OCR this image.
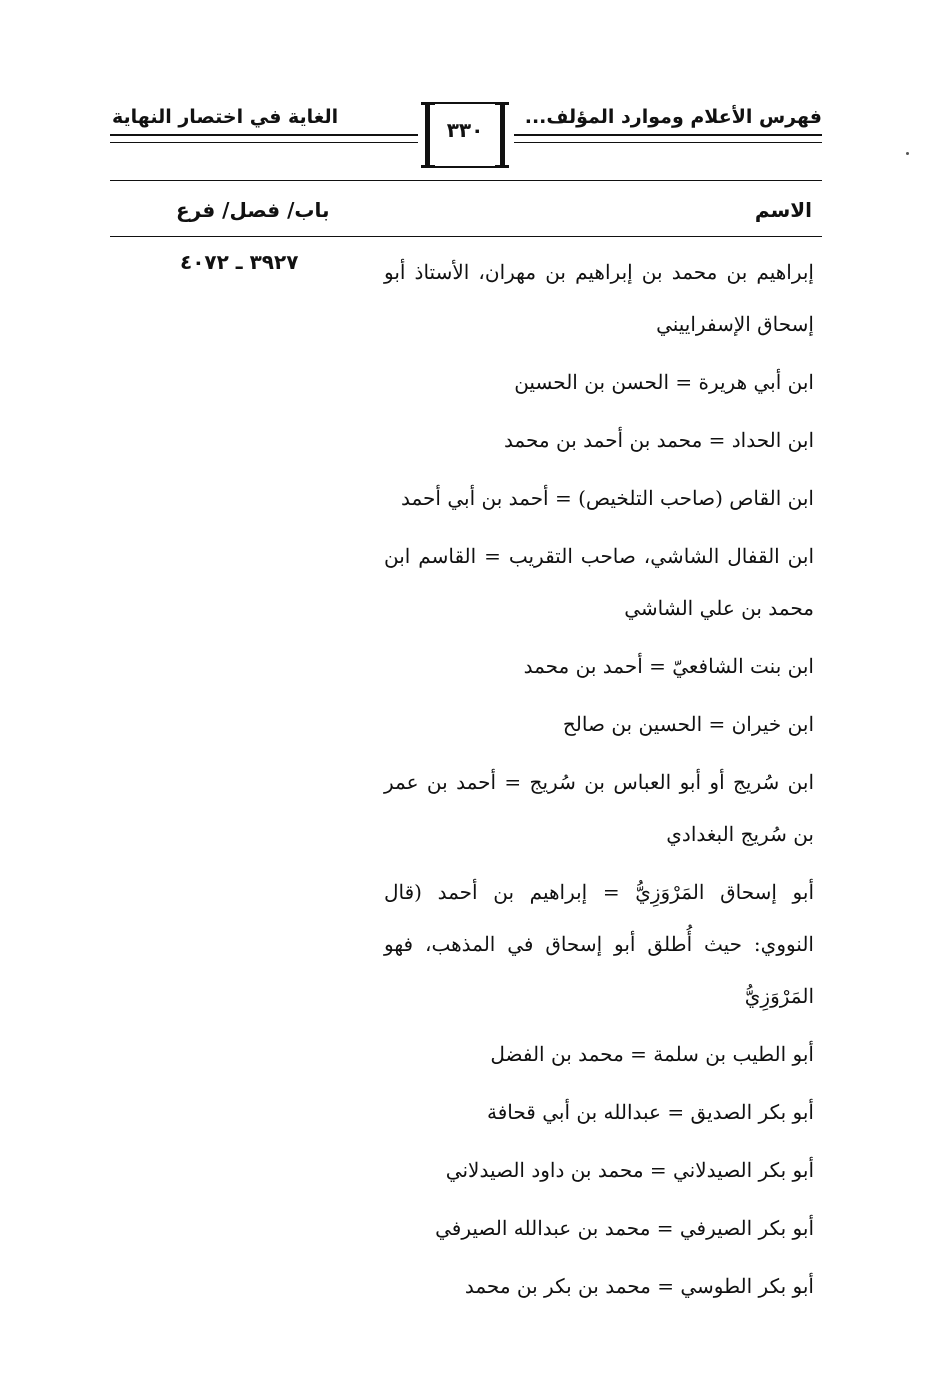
فهرس الأعلام وموارد المؤلف...
الغاية في اختصار النهاية
٣٣٠
الاسم
باب/ فصل/ فرع
٣٩٢٧ ـ ٤٠٧٢	إبراهيم بن محمد بن إبراهيم بن مهران، الأستاذ أبو إسحاق الإسفراييني

ابن أبي هريرة = الحسن بن الحسين

ابن الحداد = محمد بن أحمد بن محمد

ابن القاص (صاحب التلخيص) = أحمد بن أبي أحمد

ابن القفال الشاشي، صاحب التقريب = القاسم ابن محمد بن علي الشاشي

ابن بنت الشافعيّ = أحمد بن محمد

ابن خيران = الحسين بن صالح

ابن سُريج أو أبو العباس بن سُريج = أحمد بن عمر بن سُريج البغدادي

أبو إسحاق المَرْوَزِيُّ = إبراهيم بن أحمد (قال النووي: حيث أُطلق أبو إسحاق في المذهب، فهو المَرْوَزِيُّ

أبو الطيب بن سلمة = محمد بن الفضل

أبو بكر الصديق = عبدالله بن أبي قحافة

أبو بكر الصيدلاني = محمد بن داود الصيدلاني

أبو بكر الصيرفي = محمد بن عبدالله الصيرفي

أبو بكر الطوسي = محمد بن بكر بن محمد
